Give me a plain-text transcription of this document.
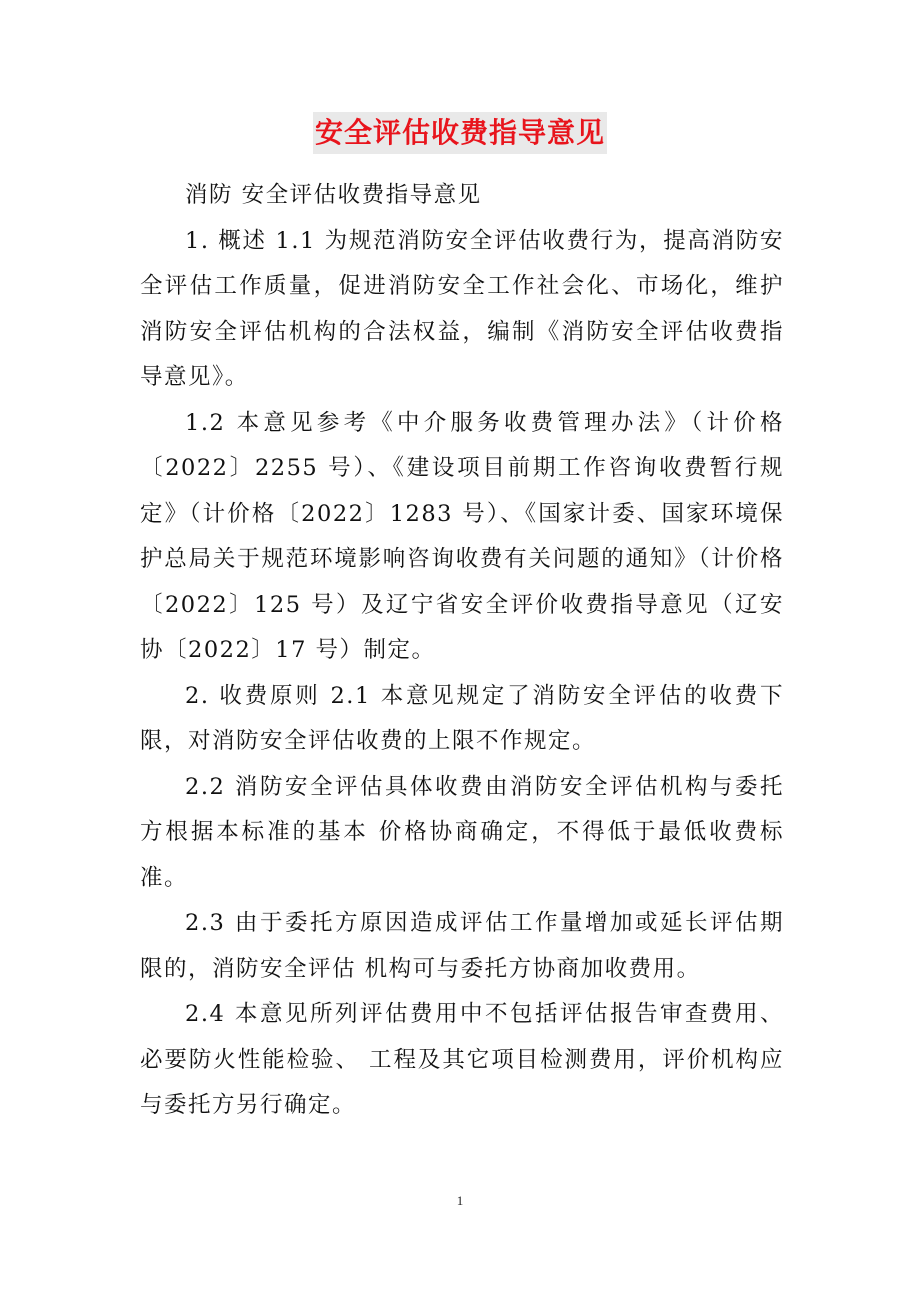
安全评估收费指导意见

消防 安全评估收费指导意见

1. 概述 1.1 为规范消防安全评估收费行为，提高消防安全评估工作质量，促进消防安全工作社会化、市场化，维护消防安全评估机构的合法权益，编制《消防安全评估收费指导意见》。

1.2 本意见参考《中介服务收费管理办法》（计价格〔2022〕2255 号）、《建设项目前期工作咨询收费暂行规定》（计价格〔2022〕1283 号）、《国家计委、国家环境保护总局关于规范环境影响咨询收费有关问题的通知》（计价格〔2022〕125 号）及辽宁省安全评价收费指导意见（辽安协〔2022〕17 号）制定。

2. 收费原则 2.1 本意见规定了消防安全评估的收费下限，对消防安全评估收费的上限不作规定。

2.2 消防安全评估具体收费由消防安全评估机构与委托方根据本标准的基本 价格协商确定，不得低于最低收费标准。

2.3 由于委托方原因造成评估工作量增加或延长评估期限的，消防安全评估 机构可与委托方协商加收费用。

2.4 本意见所列评估费用中不包括评估报告审查费用、必要防火性能检验、 工程及其它项目检测费用，评价机构应与委托方另行确定。

1
